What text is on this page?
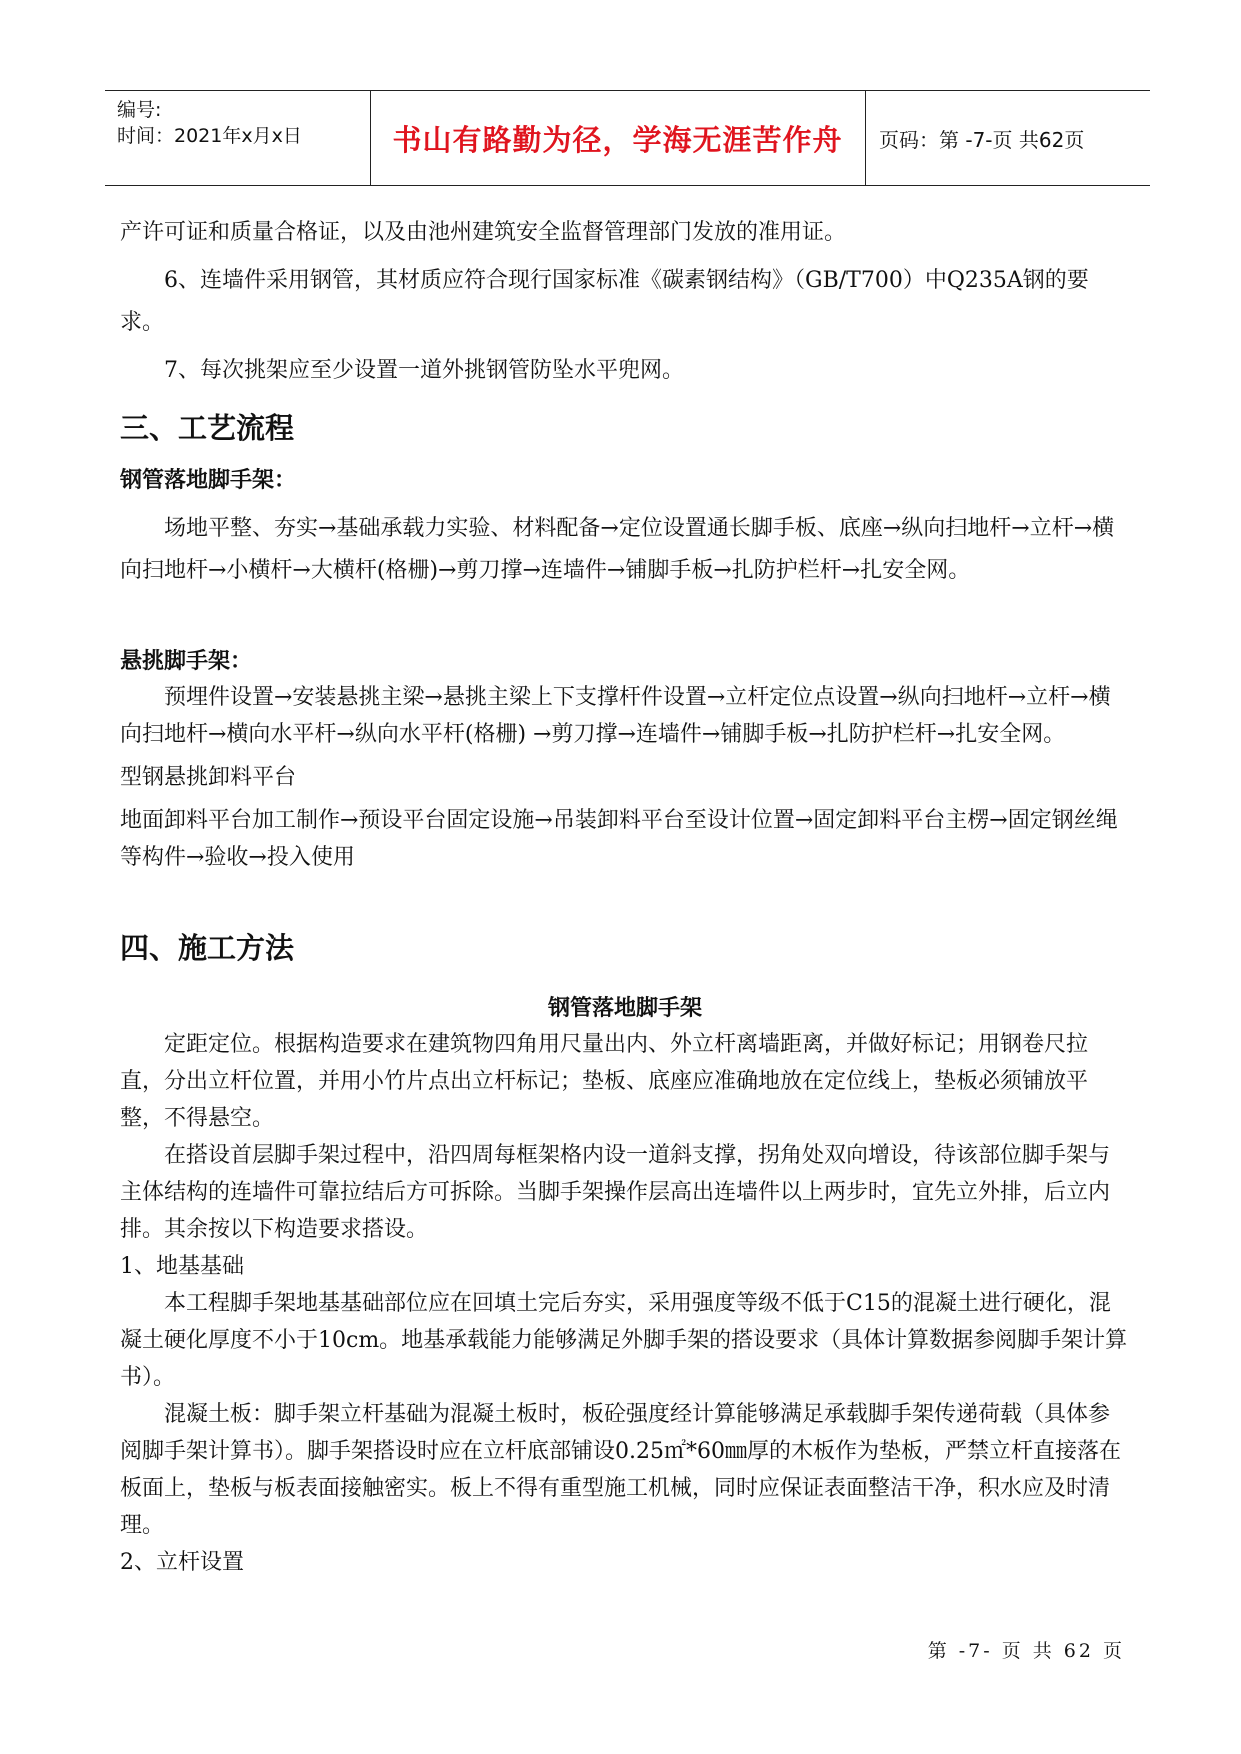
编号:
时间：2021年x月x日	书山有路勤为径，学海无涯苦作舟 页码：第 -7-页 共62页

产许可证和质量合格证，以及由池州建筑安全监督管理部门发放的准用证。

6、连墙件采用钢管，其材质应符合现行国家标准《碳素钢结构》（GB/T700）中Q235A钢的要求。

7、每次挑架应至少设置一道外挑钢管防坠水平兜网。

三、工艺流程
钢管落地脚手架：

场地平整、夯实→基础承载力实验、材料配备→定位设置通长脚手板、底座→纵向扫地杆→立杆→横向扫地杆→小横杆→大横杆(格栅)→剪刀撑→连墙件→铺脚手板→扎防护栏杆→扎安全网。

悬挑脚手架：

预埋件设置→安装悬挑主梁→悬挑主梁上下支撑杆件设置→立杆定位点设置→纵向扫地杆→立杆→横向扫地杆→横向水平杆→纵向水平杆(格栅) →剪刀撑→连墙件→铺脚手板→扎防护栏杆→扎安全网。

型钢悬挑卸料平台

地面卸料平台加工制作→预设平台固定设施→吊装卸料平台至设计位置→固定卸料平台主楞→固定钢丝绳等构件→验收→投入使用

四、施工方法
钢管落地脚手架

定距定位。根据构造要求在建筑物四角用尺量出内、外立杆离墙距离，并做好标记；用钢卷尺拉直，分出立杆位置，并用小竹片点出立杆标记；垫板、底座应准确地放在定位线上，垫板必须铺放平整，不得悬空。

在搭设首层脚手架过程中，沿四周每框架格内设一道斜支撑，拐角处双向增设，待该部位脚手架与主体结构的连墙件可靠拉结后方可拆除。当脚手架操作层高出连墙件以上两步时，宜先立外排，后立内排。其余按以下构造要求搭设。

1、地基基础

本工程脚手架地基基础部位应在回填土完后夯实，采用强度等级不低于C15的混凝土进行硬化，混凝土硬化厚度不小于10cm。地基承载能力能够满足外脚手架的搭设要求（具体计算数据参阅脚手架计算书）。

混凝土板：脚手架立杆基础为混凝土板时，板砼强度经计算能够满足承载脚手架传递荷载（具体参阅脚手架计算书）。脚手架搭设时应在立杆底部铺设0.25㎡*60㎜厚的木板作为垫板，严禁立杆直接落在板面上，垫板与板表面接触密实。板上不得有重型施工机械，同时应保证表面整洁干净，积水应及时清理。

2、立杆设置

第 -7- 页 共 62 页
